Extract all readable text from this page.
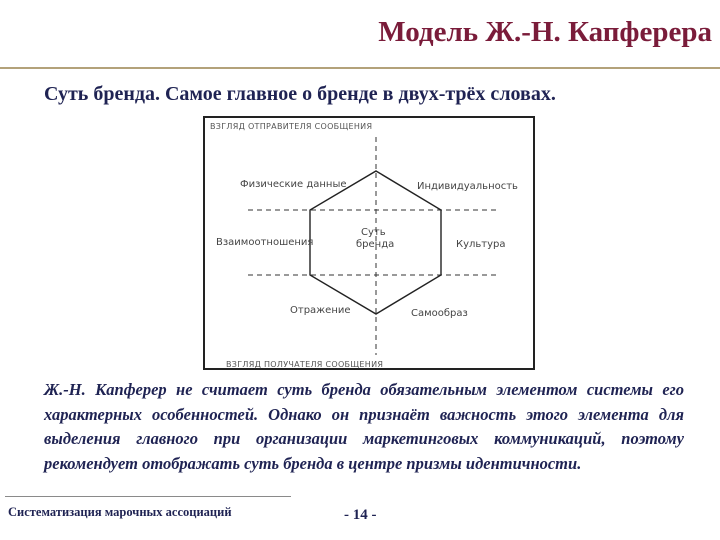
Модель Ж.-Н. Капферера
Суть бренда. Самое главное о бренде в двух-трёх словах.
ВЗГЛЯД ОТПРАВИТЕЛЯ СООБЩЕНИЯ
Физические данные	Индивидуальность
Взаимоотношения	Культура
Суть
бренда
Отражение	Самообраз
ВЗГЛЯД ПОЛУЧАТЕЛЯ СООБЩЕНИЯ
Ж.-Н. Капферер не считает суть бренда обязательным элементом системы его характерных особенностей. Однако он признаёт важность этого элемента для выделения главного при организации маркетинговых коммуникаций, поэтому рекомендует отображать суть бренда в центре призмы идентичности.
Систематизация марочных ассоциаций	- 14 -
